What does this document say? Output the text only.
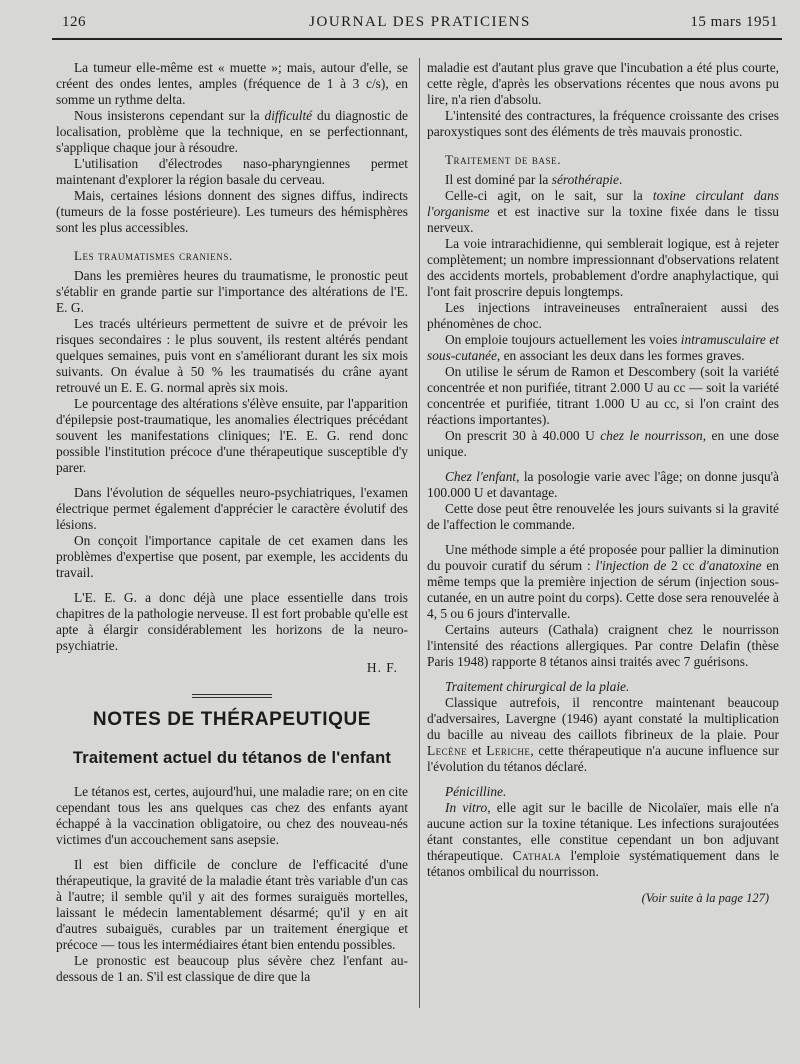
126	JOURNAL DES PRATICIENS	15 mars 1951

La tumeur elle-même est « muette »; mais, autour d'elle, se créent des ondes lentes, amples (fréquence de 1 à 3 c/s), en somme un rythme delta.

Nous insisterons cependant sur la difficulté du diagnostic de localisation, problème que la technique, en se perfectionnant, s'applique chaque jour à résoudre.

L'utilisation d'électrodes naso-pharyngiennes permet maintenant d'explorer la région basale du cerveau.

Mais, certaines lésions donnent des signes diffus, indirects (tumeurs de la fosse postérieure). Les tumeurs des hémisphères sont les plus accessibles.

Les traumatismes craniens.

Dans les premières heures du traumatisme, le pronostic peut s'établir en grande partie sur l'importance des altérations de l'E. E. G.

Les tracés ultérieurs permettent de suivre et de prévoir les risques secondaires : le plus souvent, ils restent altérés pendant quelques semaines, puis vont en s'améliorant durant les six mois suivants. On évalue à 50 % les traumatisés du crâne ayant retrouvé un E. E. G. normal après six mois.

Le pourcentage des altérations s'élève ensuite, par l'apparition d'épilepsie post-traumatique, les anomalies électriques précédant souvent les manifestations cliniques; l'E. E. G. rend donc possible l'institution précoce d'une thérapeutique susceptible d'y parer.

Dans l'évolution de séquelles neuro-psychiatriques, l'examen électrique permet également d'apprécier le caractère évolutif des lésions.

On conçoit l'importance capitale de cet examen dans les problèmes d'expertise que posent, par exemple, les accidents du travail.

L'E. E. G. a donc déjà une place essentielle dans trois chapitres de la pathologie nerveuse. Il est fort probable qu'elle est apte à élargir considérablement les horizons de la neuro-psychiatrie.

H. F.
NOTES DE THÉRAPEUTIQUE
Traitement actuel du tétanos de l'enfant

Le tétanos est, certes, aujourd'hui, une maladie rare; on en cite cependant tous les ans quelques cas chez des enfants ayant échappé à la vaccination obligatoire, ou chez des nouveau-nés victimes d'un accouchement sans asepsie.

Il est bien difficile de conclure de l'efficacité d'une thérapeutique, la gravité de la maladie étant très variable d'un cas à l'autre; il semble qu'il y ait des formes suraiguës mortelles, laissant le médecin lamentablement désarmé; qu'il y en ait d'autres subaiguës, curables par un traitement énergique et précoce — tous les intermédiaires étant bien entendu possibles.

Le pronostic est beaucoup plus sévère chez l'enfant au-dessous de 1 an. S'il est classique de dire que la

maladie est d'autant plus grave que l'incubation a été plus courte, cette règle, d'après les observations récentes que nous avons pu lire, n'a rien d'absolu.

L'intensité des contractures, la fréquence croissante des crises paroxystiques sont des éléments de très mauvais pronostic.

Traitement de base.

Il est dominé par la sérothérapie.

Celle-ci agit, on le sait, sur la toxine circulant dans l'organisme et est inactive sur la toxine fixée dans le tissu nerveux.

La voie intrarachidienne, qui semblerait logique, est à rejeter complètement; un nombre impressionnant d'observations relatent des accidents mortels, probablement d'ordre anaphylactique, qui l'ont fait proscrire depuis longtemps.

Les injections intraveineuses entraîneraient aussi des phénomènes de choc.

On emploie toujours actuellement les voies intramusculaire et sous-cutanée, en associant les deux dans les formes graves.

On utilise le sérum de Ramon et Descombery (soit la variété concentrée et non purifiée, titrant 2.000 U au cc — soit la variété concentrée et purifiée, titrant 1.000 U au cc, si l'on craint des réactions importantes).

On prescrit 30 à 40.000 U chez le nourrisson, en une dose unique.

Chez l'enfant, la posologie varie avec l'âge; on donne jusqu'à 100.000 U et davantage.

Cette dose peut être renouvelée les jours suivants si la gravité de l'affection le commande.

Une méthode simple a été proposée pour pallier la diminution du pouvoir curatif du sérum : l'injection de 2 cc d'anatoxine en même temps que la première injection de sérum (injection sous-cutanée, en un autre point du corps). Cette dose sera renouvelée à 4, 5 ou 6 jours d'intervalle.

Certains auteurs (Cathala) craignent chez le nourrisson l'intensité des réactions allergiques. Par contre Delafin (thèse Paris 1948) rapporte 8 tétanos ainsi traités avec 7 guérisons.

Traitement chirurgical de la plaie.

Classique autrefois, il rencontre maintenant beaucoup d'adversaires, Lavergne (1946) ayant constaté la multiplication du bacille au niveau des caillots fibrineux de la plaie. Pour Lecène et Leriche, cette thérapeutique n'a aucune influence sur l'évolution du tétanos déclaré.

Pénicilline.

In vitro, elle agit sur le bacille de Nicolaïer, mais elle n'a aucune action sur la toxine tétanique. Les infections surajoutées étant constantes, elle constitue cependant un bon adjuvant thérapeutique. Cathala l'emploie systématiquement dans le tétanos ombilical du nourrisson.

(Voir suite à la page 127)
